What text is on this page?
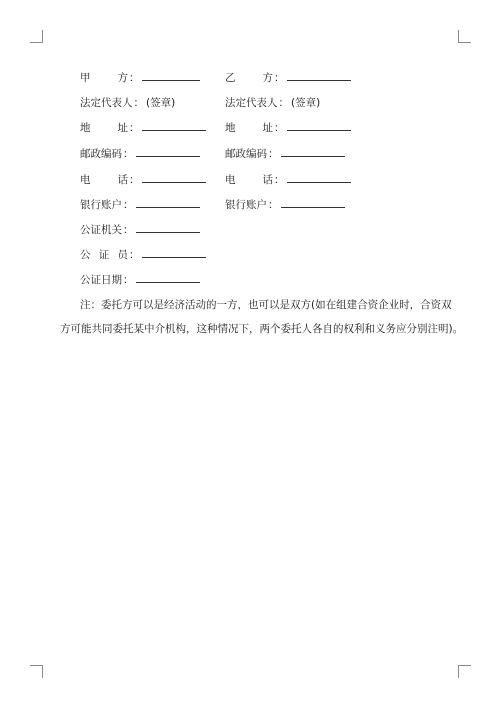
甲	方 ：	乙	方 ：
法定代表人 ： (签章)	法定代表人 ： (签章)
地	址 ：	地	址 ：
邮政编码 ：	邮政编码 ：
电	话 ：	电	话 ：
银行账户 ：	银行账户 ：
公证机关 ：
公 证 员 ：
公证日期 ：
注：委托方可以是经济活动的一方，也可以是双方(如在组建合资企业时，合资双
方可能共同委托某中介机构，这种情况下，两个委托人各自的权利和义务应分别注明)。
